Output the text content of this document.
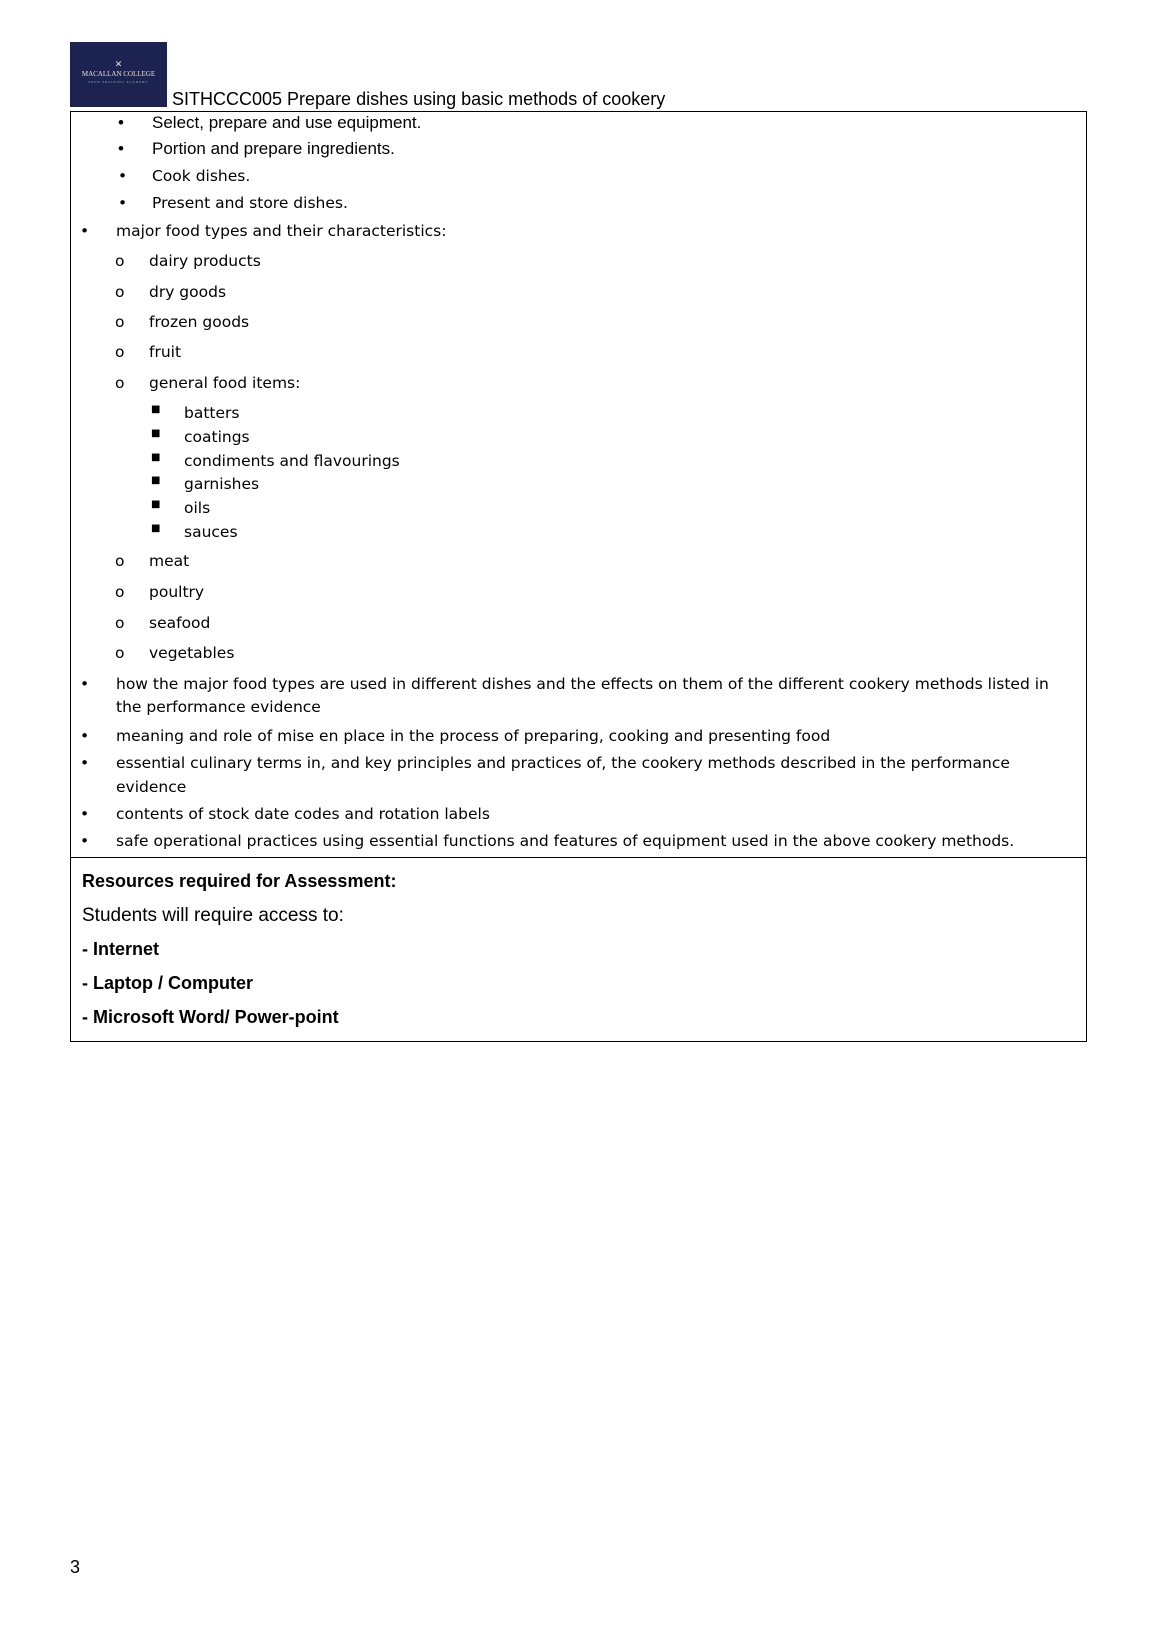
✕
MACALLAN COLLEGE
FOOD TRAINING ACADEMY
SITHCCC005 Prepare dishes using basic methods of cookery
• Select, prepare and use equipment.
• Portion and prepare ingredients.
• Cook dishes.
• Present and store dishes.
• major food types and their characteristics:
o dairy products
o dry goods
o frozen goods
o fruit
o general food items:
■ batters
■ coatings
■ condiments and flavourings
■ garnishes
■ oils
■ sauces
o meat
o poultry
o seafood
o vegetables
• how the major food types are used in different dishes and the effects on them of the different cookery methods listed in
the performance evidence
• meaning and role of mise en place in the process of preparing, cooking and presenting food
• essential culinary terms in, and key principles and practices of, the cookery methods described in the performance
evidence
• contents of stock date codes and rotation labels
• safe operational practices using essential functions and features of equipment used in the above cookery methods.
Resources required for Assessment:
Students will require access to:
- Internet
- Laptop / Computer
- Microsoft Word/ Power-point
3
